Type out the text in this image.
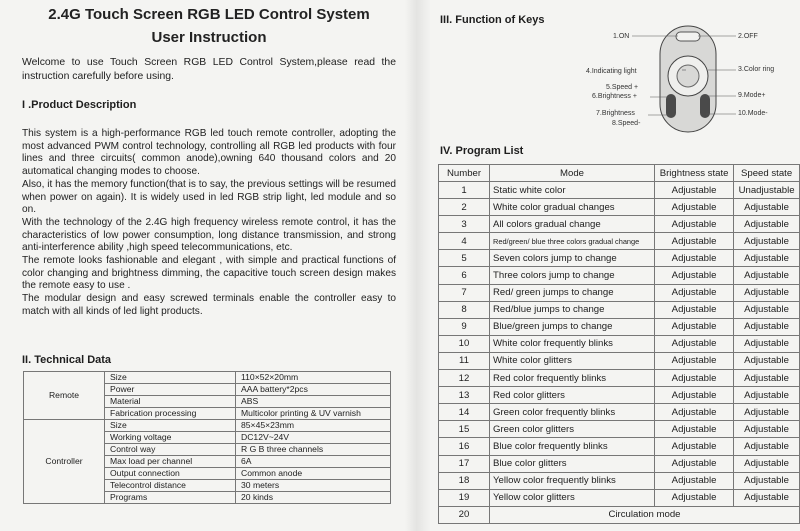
2.4G Touch Screen RGB LED Control System
User Instruction
Welcome to use Touch Screen RGB LED Control System,please read the instruction carefully before using.
I .Product Description

This system is a high-performance RGB led touch remote controller, adopting the most advanced PWM control technology, controlling all RGB led products with four lines and three circuits( common anode),owning 640 thousand colors and 20 automatical changing modes to choose.

Also, it has the memory function(that is to say, the previous settings will be resumed when power on again). It is widely used in led RGB strip light, led module and so on.

With the technology of the 2.4G high frequency wireless remote control, it has the characteristics of low power consumption, long distance transmission, and strong anti-interference ability ,high speed telecommunications, etc.

The remote looks fashionable and elegant , with simple and practical functions of color changing and brightness dimming, the capacitive touch screen design makes the remote easy to use .

The modular design and easy screwed terminals enable the controller easy to match with all kinds of led light products.

II. Technical Data
Remote	Size	110×52×20mm
	Power	AAA battery*2pcs
	Material	ABS
	Fabrication processing	Multicolor printing & UV varnish
Controller	Size	85×45×23mm
	Working voltage	DC12V~24V
	Control way	R G B three channels
	Max load per channel	6A
	Output connection	Common anode
	Telecontrol distance	30 meters
	Programs	20 kinds
III. Function of Keys
1.ON	2.OFF
4.Indicating light	3.Color ring
5.Speed +
6.Brightness +	9.Mode+
7.Brightness	10.Mode-
8.Speed-
IV. Program List
Number	Mode	Brightness state	Speed state
1	Static white color	Adjustable	Unadjustable
2	White color gradual changes	Adjustable	Adjustable
3	All colors gradual change	Adjustable	Adjustable
4	Red/green/ blue three colors gradual change	Adjustable	Adjustable
5	Seven colors jump to change	Adjustable	Adjustable
6	Three colors jump to change	Adjustable	Adjustable
7	Red/ green jumps to change	Adjustable	Adjustable
8	Red/blue jumps to change	Adjustable	Adjustable
9	Blue/green jumps to change	Adjustable	Adjustable
10	White color frequently blinks	Adjustable	Adjustable
11	White color glitters	Adjustable	Adjustable
12	Red color frequently blinks	Adjustable	Adjustable
13	Red color glitters	Adjustable	Adjustable
14	Green color frequently blinks	Adjustable	Adjustable
15	Green color glitters	Adjustable	Adjustable
16	Blue color frequently blinks	Adjustable	Adjustable
17	Blue color glitters	Adjustable	Adjustable
18	Yellow color frequently blinks	Adjustable	Adjustable
19	Yellow color glitters	Adjustable	Adjustable
20	Circulation mode		
